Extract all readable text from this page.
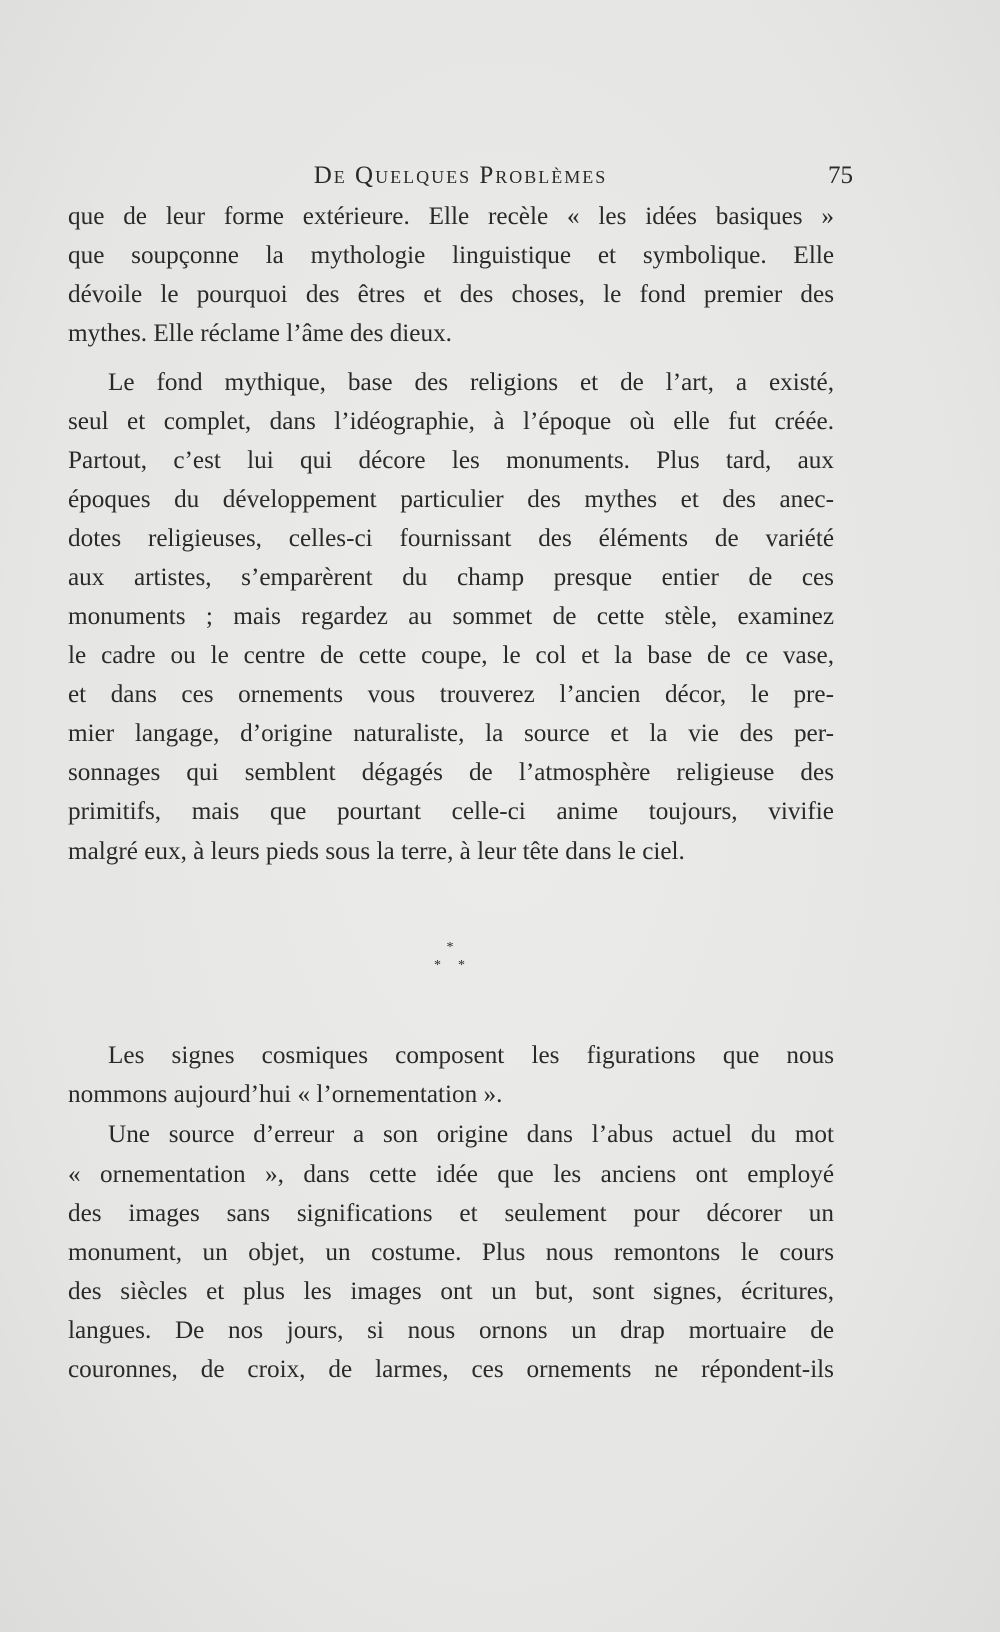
De Quelques Problèmes	75
que de leur forme extérieure. Elle recèle « les idées basiques »
que soupçonne la mythologie linguistique et symbolique. Elle
dévoile le pourquoi des êtres et des choses, le fond premier des
mythes. Elle réclame l’âme des dieux.
Le fond mythique, base des religions et de l’art, a existé,
seul et complet, dans l’idéographie, à l’époque où elle fut créée.
Partout, c’est lui qui décore les monuments. Plus tard, aux
époques du développement particulier des mythes et des anec-
dotes religieuses, celles-ci fournissant des éléments de variété
aux artistes, s’emparèrent du champ presque entier de ces
monuments ; mais regardez au sommet de cette stèle, examinez
le cadre ou le centre de cette coupe, le col et la base de ce vase,
et dans ces ornements vous trouverez l’ancien décor, le pre-
mier langage, d’origine naturaliste, la source et la vie des per-
sonnages qui semblent dégagés de l’atmosphère religieuse des
primitifs, mais que pourtant celle-ci anime toujours, vivifie
malgré eux, à leurs pieds sous la terre, à leur tête dans le ciel.
*
* *
Les signes cosmiques composent les figurations que nous
nommons aujourd’hui « l’ornementation ».
Une source d’erreur a son origine dans l’abus actuel du mot
« ornementation », dans cette idée que les anciens ont employé
des images sans significations et seulement pour décorer un
monument, un objet, un costume. Plus nous remontons le cours
des siècles et plus les images ont un but, sont signes, écritures,
langues. De nos jours, si nous ornons un drap mortuaire de
couronnes, de croix, de larmes, ces ornements ne répondent-ils
